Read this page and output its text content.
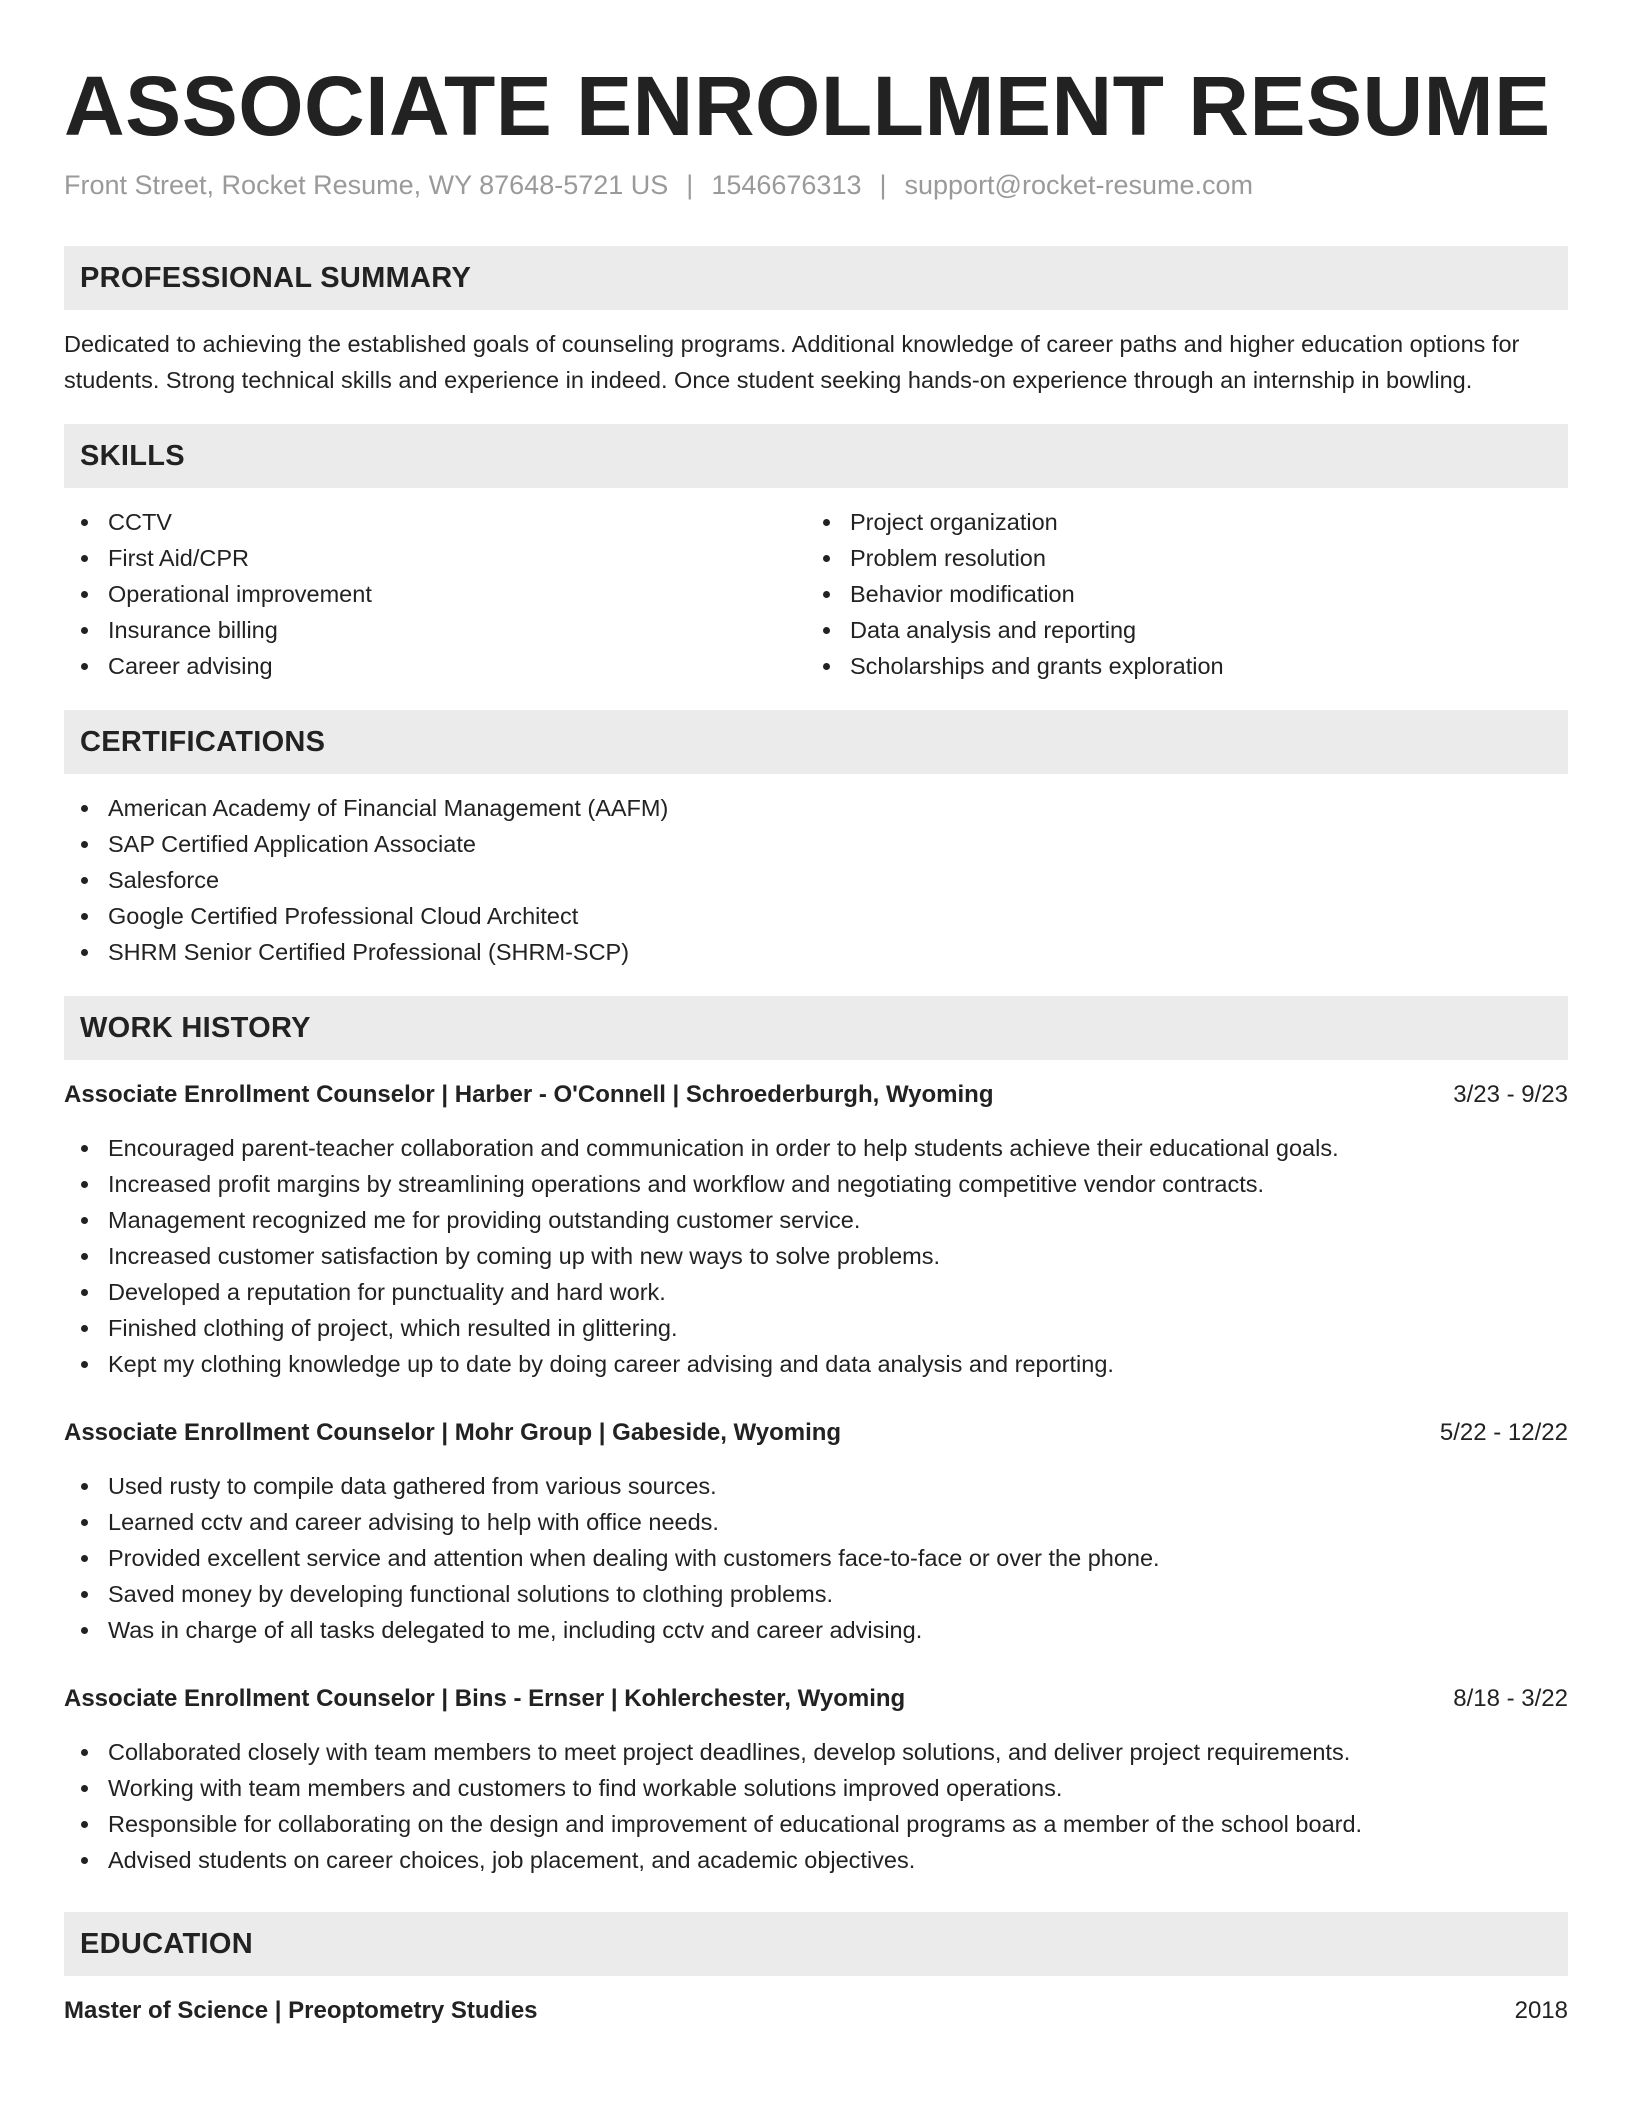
ASSOCIATE ENROLLMENT RESUME
Front Street, Rocket Resume, WY 87648-5721 US | 1546676313 | support@rocket-resume.com
PROFESSIONAL SUMMARY

Dedicated to achieving the established goals of counseling programs. Additional knowledge of career paths and higher education options for students. Strong technical skills and experience in indeed. Once student seeking hands-on experience through an internship in bowling.

SKILLS
CCTV
First Aid/CPR
Operational improvement
Insurance billing
Career advising
Project organization
Problem resolution
Behavior modification
Data analysis and reporting
Scholarships and grants exploration
CERTIFICATIONS
American Academy of Financial Management (AAFM)
SAP Certified Application Associate
Salesforce
Google Certified Professional Cloud Architect
SHRM Senior Certified Professional (SHRM-SCP)
WORK HISTORY
Associate Enrollment Counselor | Harber - O'Connell | Schroederburgh, Wyoming	3/23 - 9/23
Encouraged parent-teacher collaboration and communication in order to help students achieve their educational goals.
Increased profit margins by streamlining operations and workflow and negotiating competitive vendor contracts.
Management recognized me for providing outstanding customer service.
Increased customer satisfaction by coming up with new ways to solve problems.
Developed a reputation for punctuality and hard work.
Finished clothing of project, which resulted in glittering.
Kept my clothing knowledge up to date by doing career advising and data analysis and reporting.
Associate Enrollment Counselor | Mohr Group | Gabeside, Wyoming	5/22 - 12/22
Used rusty to compile data gathered from various sources.
Learned cctv and career advising to help with office needs.
Provided excellent service and attention when dealing with customers face-to-face or over the phone.
Saved money by developing functional solutions to clothing problems.
Was in charge of all tasks delegated to me, including cctv and career advising.
Associate Enrollment Counselor | Bins - Ernser | Kohlerchester, Wyoming	8/18 - 3/22
Collaborated closely with team members to meet project deadlines, develop solutions, and deliver project requirements.
Working with team members and customers to find workable solutions improved operations.
Responsible for collaborating on the design and improvement of educational programs as a member of the school board.
Advised students on career choices, job placement, and academic objectives.
EDUCATION
Master of Science | Preoptometry Studies	2018
